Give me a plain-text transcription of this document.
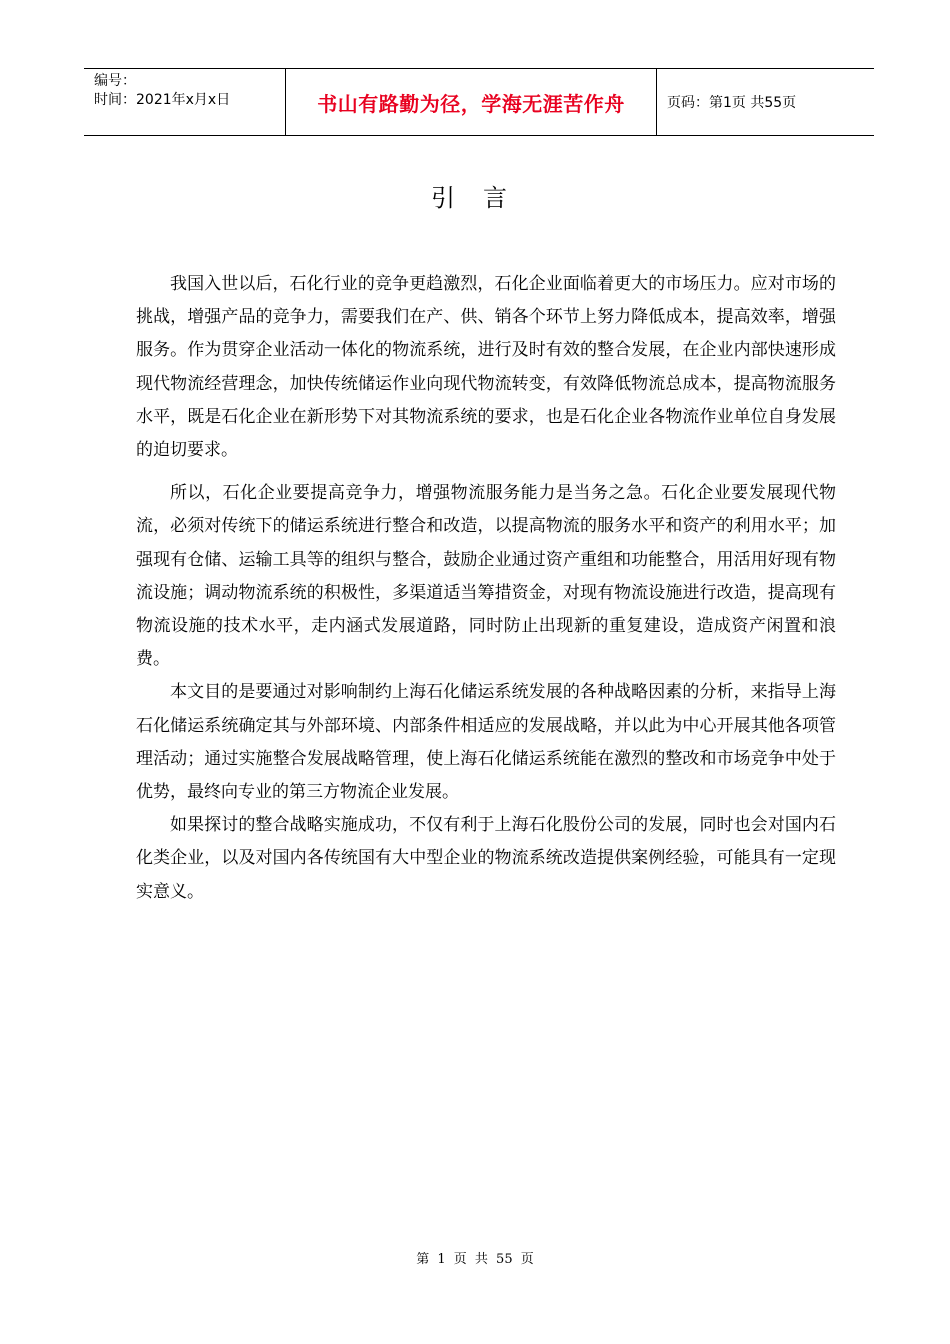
编号：
时间：2021年x月x日	书山有路勤为径，学海无涯苦作舟	页码：第1页 共55页
引言

我国入世以后，石化行业的竞争更趋激烈，石化企业面临着更大的市场压力。应对市场的挑战，增强产品的竞争力，需要我们在产、供、销各个环节上努力降低成本，提高效率，增强服务。作为贯穿企业活动一体化的物流系统，进行及时有效的整合发展，在企业内部快速形成现代物流经营理念，加快传统储运作业向现代物流转变，有效降低物流总成本，提高物流服务水平，既是石化企业在新形势下对其物流系统的要求，也是石化企业各物流作业单位自身发展的迫切要求。

所以，石化企业要提高竞争力，增强物流服务能力是当务之急。石化企业要发展现代物流，必须对传统下的储运系统进行整合和改造，以提高物流的服务水平和资产的利用水平；加强现有仓储、运输工具等的组织与整合，鼓励企业通过资产重组和功能整合，用活用好现有物流设施；调动物流系统的积极性，多渠道适当筹措资金，对现有物流设施进行改造，提高现有物流设施的技术水平，走内涵式发展道路，同时防止出现新的重复建设，造成资产闲置和浪费。

本文目的是要通过对影响制约上海石化储运系统发展的各种战略因素的分析，来指导上海石化储运系统确定其与外部环境、内部条件相适应的发展战略，并以此为中心开展其他各项管理活动；通过实施整合发展战略管理，使上海石化储运系统能在激烈的整改和市场竞争中处于优势，最终向专业的第三方物流企业发展。

如果探讨的整合战略实施成功，不仅有利于上海石化股份公司的发展，同时也会对国内石化类企业，以及对国内各传统国有大中型企业的物流系统改造提供案例经验，可能具有一定现实意义。

第 1 页 共 55 页
